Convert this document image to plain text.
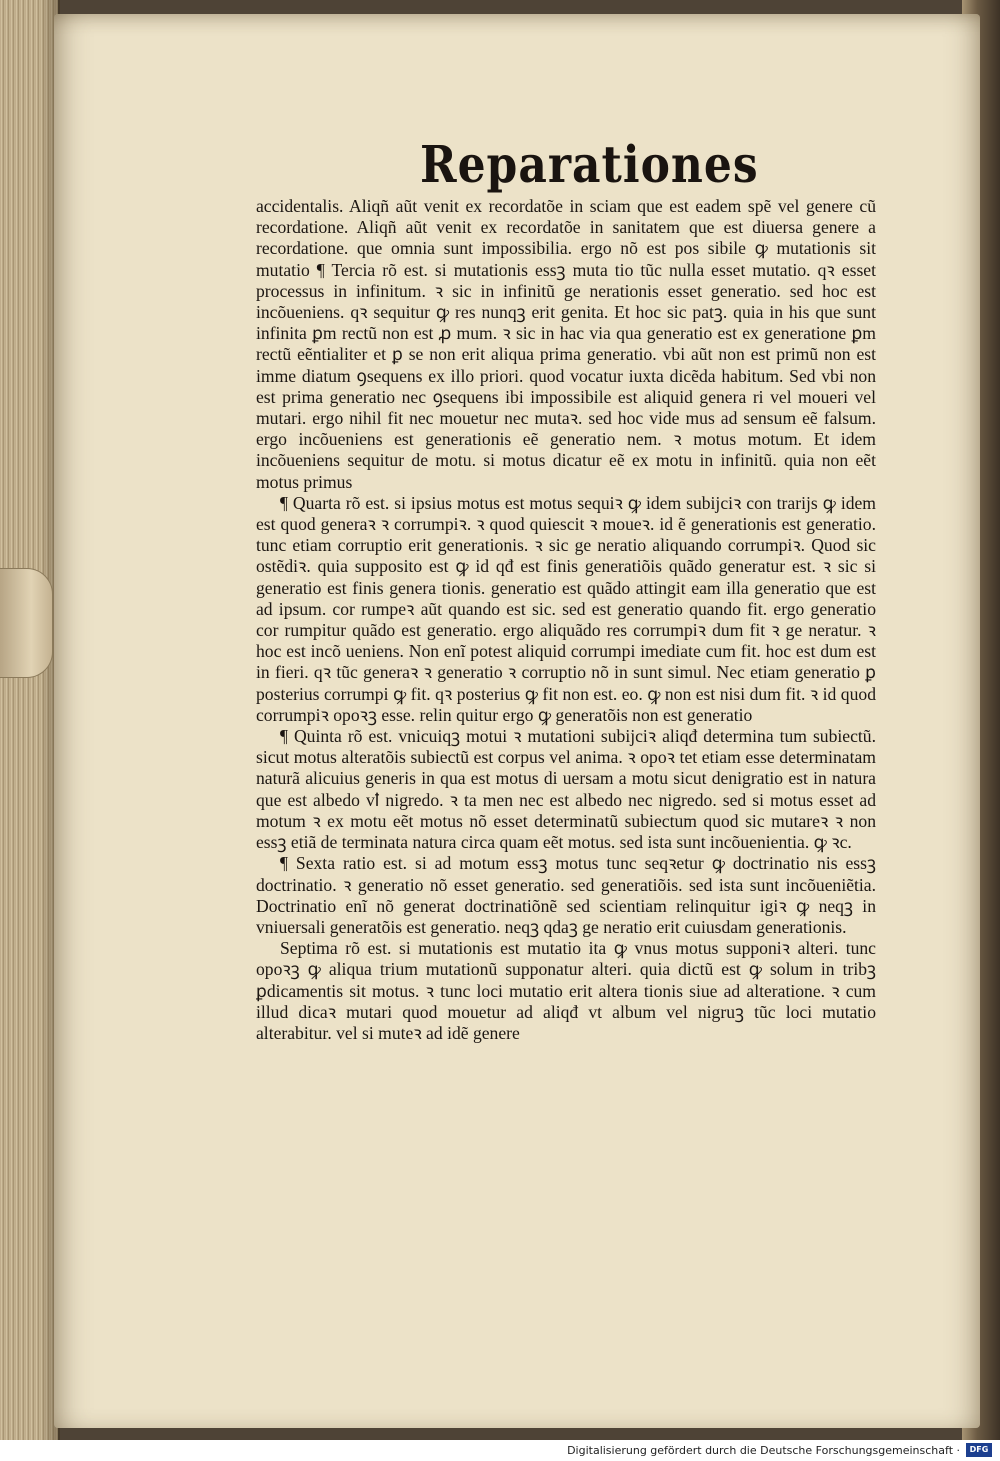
Reparationes

accidentalis. Aliqñ aũt venit ex recordatõe in sciam que est eadem spẽ vel genere cũ recordatione. Aliqñ aũt venit ex recordatõe in sanitatem que est diuersa genere a recordatione. que omnia sunt impossibilia. ergo nõ est pos sibile ꝙ mutationis sit mutatio ¶ Tercia rõ est. si mutationis essꝫ muta tio tũc nulla esset mutatio. qꝛ esset processus in infinitum. ꝛ sic in infinitũ ge nerationis esset generatio. sed hoc est incõueniens. qꝛ sequitur ꝙ res nunqꝫ erit genita. Et hoc sic patꝫ. quia in his que sunt infinita ꝑm rectũ non est ꝓ mum. ꝛ sic in hac via qua generatio est ex generatione ꝑm rectũ eẽntialiter et ꝑ se non erit aliqua prima generatio. vbi aũt non est primũ non est imme diatum ꝯsequens ex illo priori. quod vocatur iuxta dicẽda habitum. Sed vbi non est prima generatio nec ꝯsequens ibi impossibile est aliquid genera ri vel moueri vel mutari. ergo nihil fit nec mouetur nec mutaꝛ. sed hoc vide mus ad sensum eẽ falsum. ergo incõueniens est generationis eẽ generatio nem. ꝛ motus motum. Et idem incõueniens sequitur de motu. si motus dicatur eẽ ex motu in infinitũ. quia non eẽt motus primus

¶ Quarta rõ est. si ipsius motus est motus sequiꝛ ꝙ idem subijciꝛ con trarijs ꝙ idem est quod generaꝛ ꝛ corrumpiꝛ. ꝛ quod quiescit ꝛ moueꝛ. id ẽ generationis est generatio. tunc etiam corruptio erit generationis. ꝛ sic ge neratio aliquando corrumpiꝛ. Quod sic ostẽdiꝛ. quia supposito est ꝙ id qđ est finis generatiõis quãdo generatur est. ꝛ sic si generatio est finis genera tionis. generatio est quãdo attingit eam illa generatio que est ad ipsum. cor rumpeꝛ aũt quando est sic. sed est generatio quando fit. ergo generatio cor rumpitur quãdo est generatio. ergo aliquãdo res corrumpiꝛ dum fit ꝛ ge neratur. ꝛ hoc est incõ ueniens. Non enĩ potest aliquid corrumpi imediate cum fit. hoc est dum est in fieri. qꝛ tũc generaꝛ ꝛ generatio ꝛ corruptio nõ in sunt simul. Nec etiam generatio ꝑ posterius corrumpi ꝙ fit. qꝛ posterius ꝙ fit non est. eo. ꝙ non est nisi dum fit. ꝛ id quod corrumpiꝛ opoꝛꝫ esse. relin quitur ergo ꝙ generatõis non est generatio

¶ Quinta rõ est. vnicuiqꝫ motui ꝛ mutationi subijciꝛ aliqđ determina tum subiectũ. sicut motus alteratõis subiectũ est corpus vel anima. ꝛ opoꝛ tet etiam esse determinatam naturã alicuius generis in qua est motus di uersam a motu sicut denigratio est in natura que est albedo vꝉ nigredo. ꝛ ta men nec est albedo nec nigredo. sed si motus esset ad motum ꝛ ex motu eẽt motus nõ esset determinatũ subiectum quod sic mutareꝛ ꝛ non essꝫ etiã de terminata natura circa quam eẽt motus. sed ista sunt incõuenientia. ꝙ ꝛc.

¶ Sexta ratio est. si ad motum essꝫ motus tunc seqꝛetur ꝙ doctrinatio nis essꝫ doctrinatio. ꝛ generatio nõ esset generatio. sed generatiõis. sed ista sunt incõueniẽtia. Doctrinatio enĩ nõ generat doctrinatiõnẽ sed scientiam relinquitur igiꝛ ꝙ neqꝫ in vniuersali generatõis est generatio. neqꝫ qdaꝫ ge neratio erit cuiusdam generationis.

Septima rõ est. si mutationis est mutatio ita ꝙ vnus motus supponiꝛ alteri. tunc opoꝛꝫ ꝙ aliqua trium mutationũ supponatur alteri. quia dictũ est ꝙ solum in tribꝫ ꝑdicamentis sit motus. ꝛ tunc loci mutatio erit altera tionis siue ad alteratione. ꝛ cum illud dicaꝛ mutari quod mouetur ad aliqđ vt album vel nigruꝫ tũc loci mutatio alterabitur. vel si muteꝛ ad idẽ genere

Digitalisierung gefördert durch die Deutsche Forschungsgemeinschaft ·	DFG
